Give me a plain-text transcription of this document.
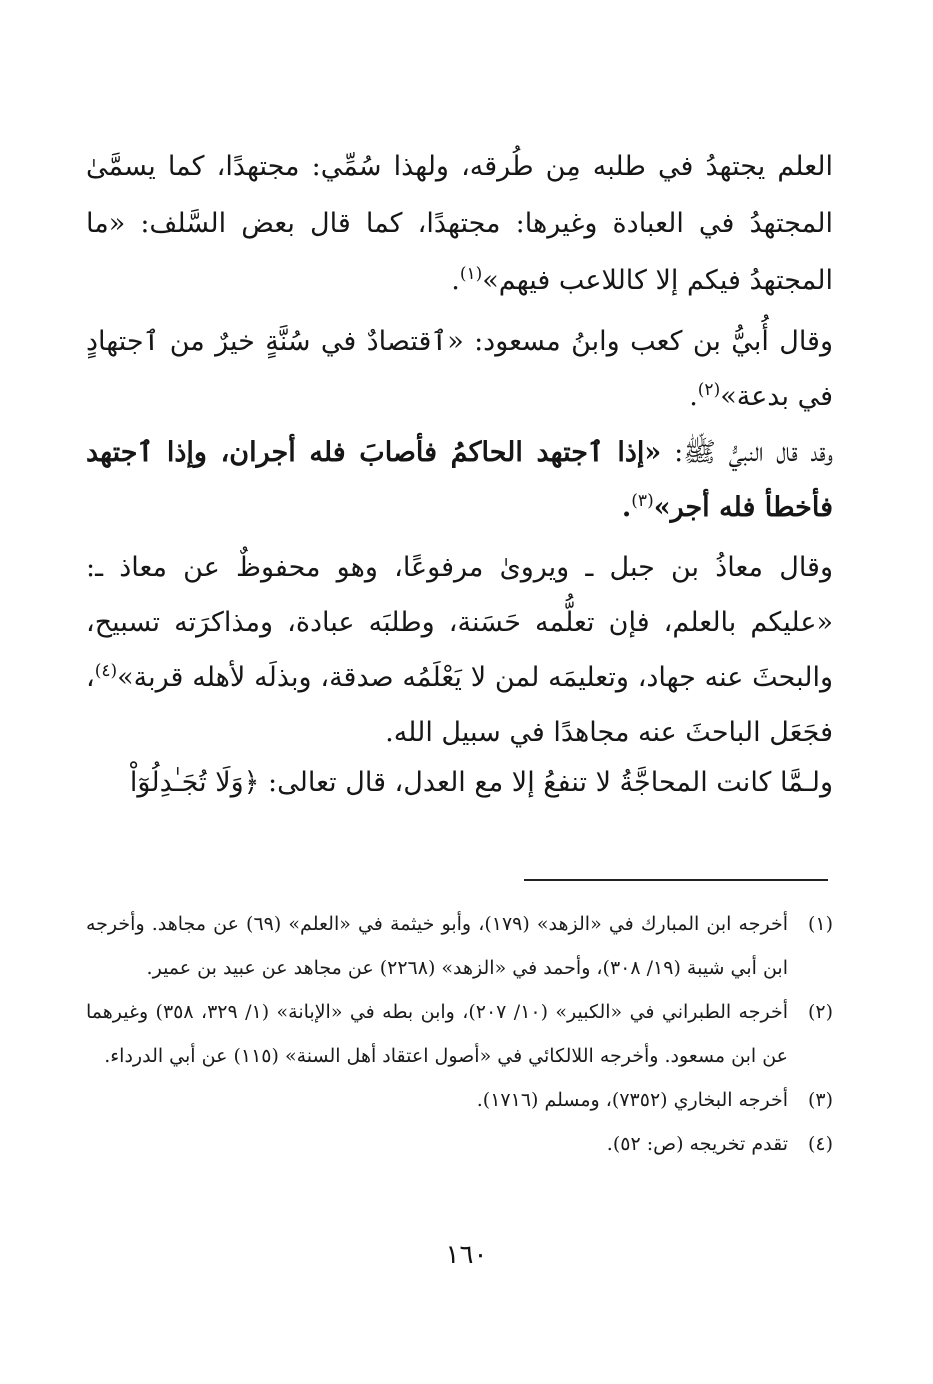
العلم يجتهدُ في طلبه مِن طُرقه، ولهذا سُمِّي: مجتهدًا، كما يسمَّىٰ المجتهدُ في العبادة وغيرها: مجتهدًا، كما قال بعض السَّلف: «ما المجتهدُ فيكم إلا كاللاعب فيهم»$^{(١)}$.

وقال أُبيُّ بن كعب وابنُ مسعود: «ٱقتصادٌ في سُنَّةٍ خيرٌ من ٱجتهادٍ في بدعة»$^{(٢)}$.

وقد قال النبيُّ ﷺ: «إذا ٱجتهد الحاكمُ فأصابَ فله أجران، وإذا ٱجتهد فأخطأ فله أجر»$^{(٣)}$.

وقال معاذُ بن جبل ـ ويروىٰ مرفوعًا، وهو محفوظٌ عن معاذ ـ: «عليكم بالعلم، فإن تعلُّمه حَسَنة، وطلبَه عبادة، ومذاكرَته تسبيح، والبحثَ عنه جهاد، وتعليمَه لمن لا يَعْلَمُه صدقة، وبذلَه لأهله قربة»$^{(٤)}$، فجَعَل الباحثَ عنه مجاهدًا في سبيل الله.

ولـمَّا كانت المحاجَّةُ لا تنفعُ إلا مع العدل، قال تعالى: ﴿وَلَا تُجَـٰدِلُوٓاْ

(١)
أخرجه ابن المبارك في «الزهد» (١٧٩)، وأبو خيثمة في «العلم» (٦٩) عن مجاهد. وأخرجه ابن أبي شيبة (١٩/ ٣٠٨)، وأحمد في «الزهد» (٢٢٦٨) عن مجاهد عن عبيد بن عمير.
(٢)
أخرجه الطبراني في «الكبير» (١٠/ ٢٠٧)، وابن بطه في «الإبانة» (١/ ٣٢٩، ٣٥٨) وغيرهما عن ابن مسعود. وأخرجه اللالكائي في «أصول اعتقاد أهل السنة» (١١٥) عن أبي الدرداء.
(٣)
أخرجه البخاري (٧٣٥٢)، ومسلم (١٧١٦).
(٤)
تقدم تخريجه (ص: ٥٢).
١٦٠
